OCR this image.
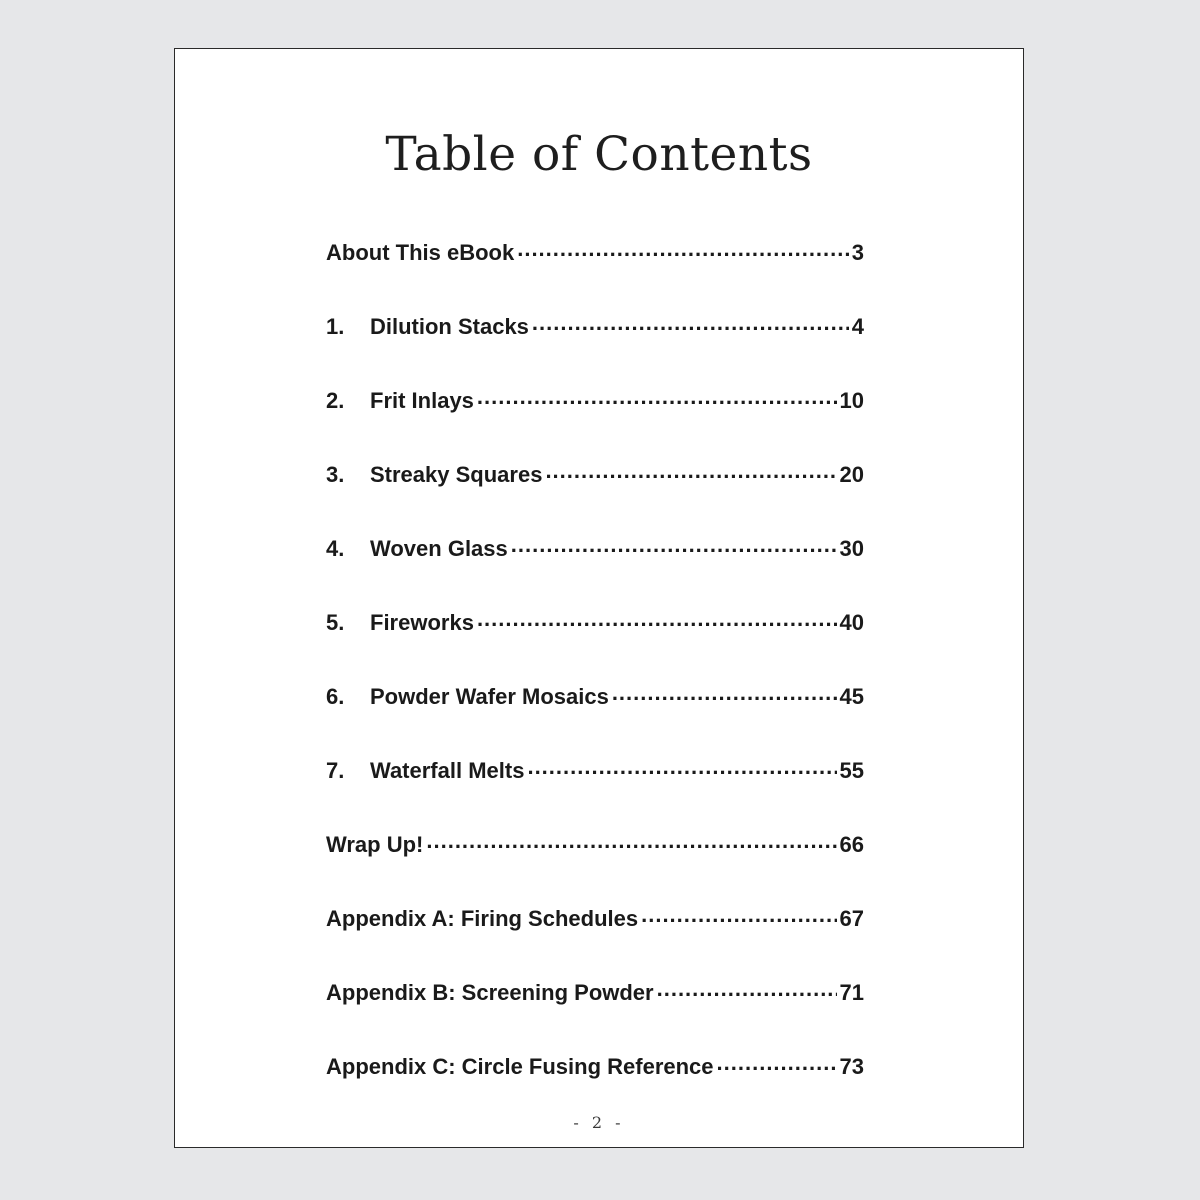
Table of Contents
About This eBook .....	3
1.	Dilution Stacks .....	4
2.	Frit Inlays .....	10
3.	Streaky Squares .....	20
4.	Woven Glass .....	30
5.	Fireworks .....	40
6.	Powder Wafer Mosaics .....	45
7.	Waterfall Melts .....	55
Wrap Up! .....	66
Appendix A: Firing Schedules .....	67
Appendix B: Screening Powder .....	71
Appendix C: Circle Fusing Reference .....	73
- 2 -
